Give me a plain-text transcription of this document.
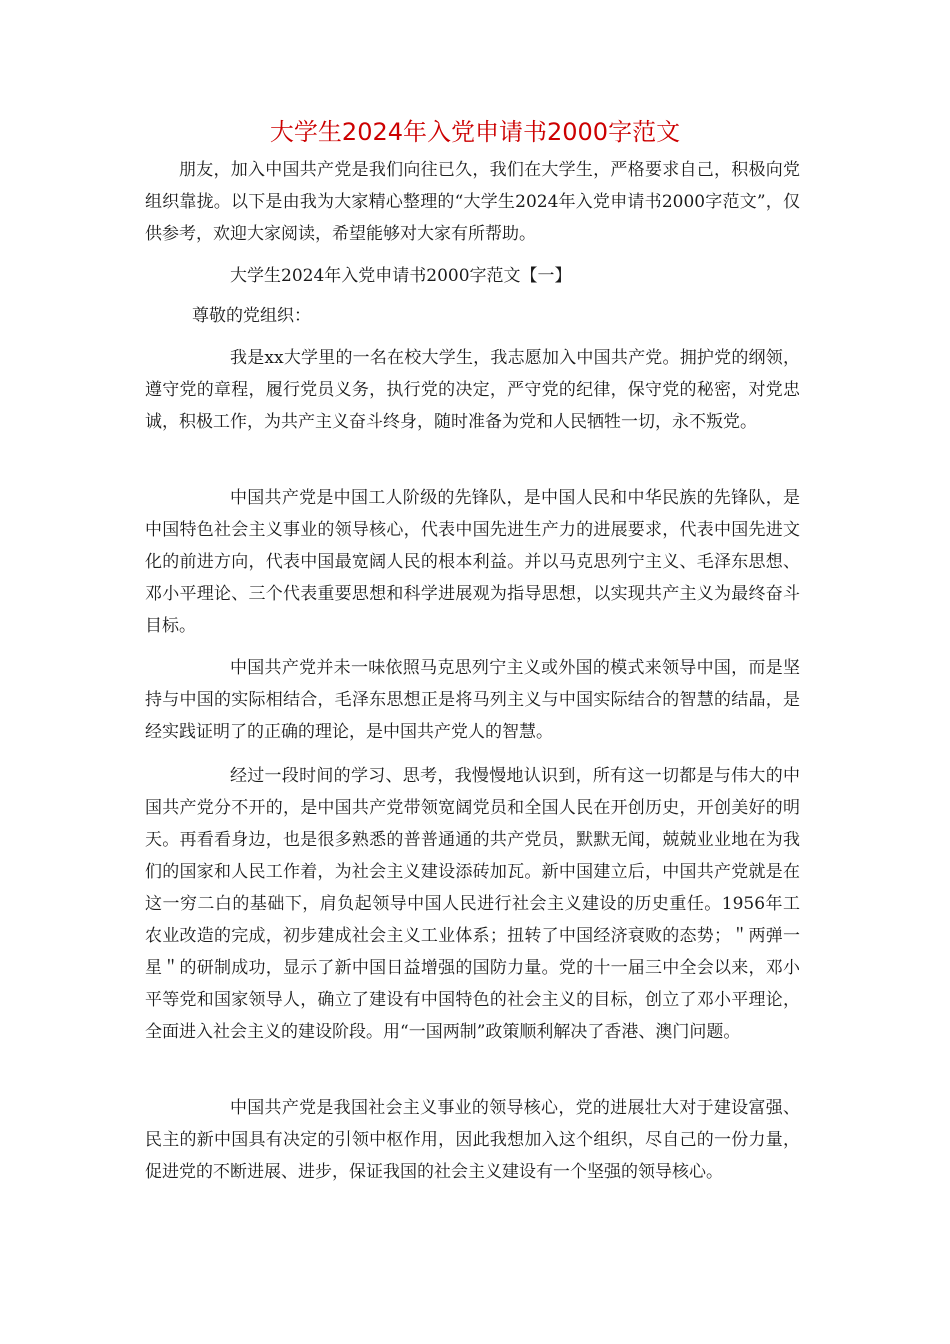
大学生2024年入党申请书2000字范文

朋友，加入中国共产党是我们向往已久，我们在大学生，严格要求自己，积极向党组织靠拢。以下是由我为大家精心整理的“大学生2024年入党申请书2000字范文”，仅供参考，欢迎大家阅读，希望能够对大家有所帮助。

大学生2024年入党申请书2000字范文【一】

尊敬的党组织：

我是xx大学里的一名在校大学生，我志愿加入中国共产党。拥护党的纲领，遵守党的章程，履行党员义务，执行党的决定，严守党的纪律，保守党的秘密，对党忠诚，积极工作，为共产主义奋斗终身，随时准备为党和人民牺牲一切，永不叛党。

中国共产党是中国工人阶级的先锋队，是中国人民和中华民族的先锋队，是中国特色社会主义事业的领导核心，代表中国先进生产力的进展要求，代表中国先进文化的前进方向，代表中国最宽阔人民的根本利益。并以马克思列宁主义、毛泽东思想、邓小平理论、三个代表重要思想和科学进展观为指导思想，以实现共产主义为最终奋斗目标。

中国共产党并未一味依照马克思列宁主义或外国的模式来领导中国，而是坚持与中国的实际相结合，毛泽东思想正是将马列主义与中国实际结合的智慧的结晶，是经实践证明了的正确的理论，是中国共产党人的智慧。

经过一段时间的学习、思考，我慢慢地认识到，所有这一切都是与伟大的中国共产党分不开的，是中国共产党带领宽阔党员和全国人民在开创历史，开创美好的明天。再看看身边，也是很多熟悉的普普通通的共产党员，默默无闻，兢兢业业地在为我们的国家和人民工作着，为社会主义建设添砖加瓦。新中国建立后，中国共产党就是在这一穷二白的基础下，肩负起领导中国人民进行社会主义建设的历史重任。1956年工农业改造的完成，初步建成社会主义工业体系；扭转了中国经济衰败的态势；＂两弹一星＂的研制成功，显示了新中国日益增强的国防力量。党的十一届三中全会以来，邓小平等党和国家领导人，确立了建设有中国特色的社会主义的目标，创立了邓小平理论，全面进入社会主义的建设阶段。用“一国两制”政策顺利解决了香港、澳门问题。

中国共产党是我国社会主义事业的领导核心，党的进展壮大对于建设富强、民主的新中国具有决定的引领中枢作用，因此我想加入这个组织，尽自己的一份力量，促进党的不断进展、进步，保证我国的社会主义建设有一个坚强的领导核心。
